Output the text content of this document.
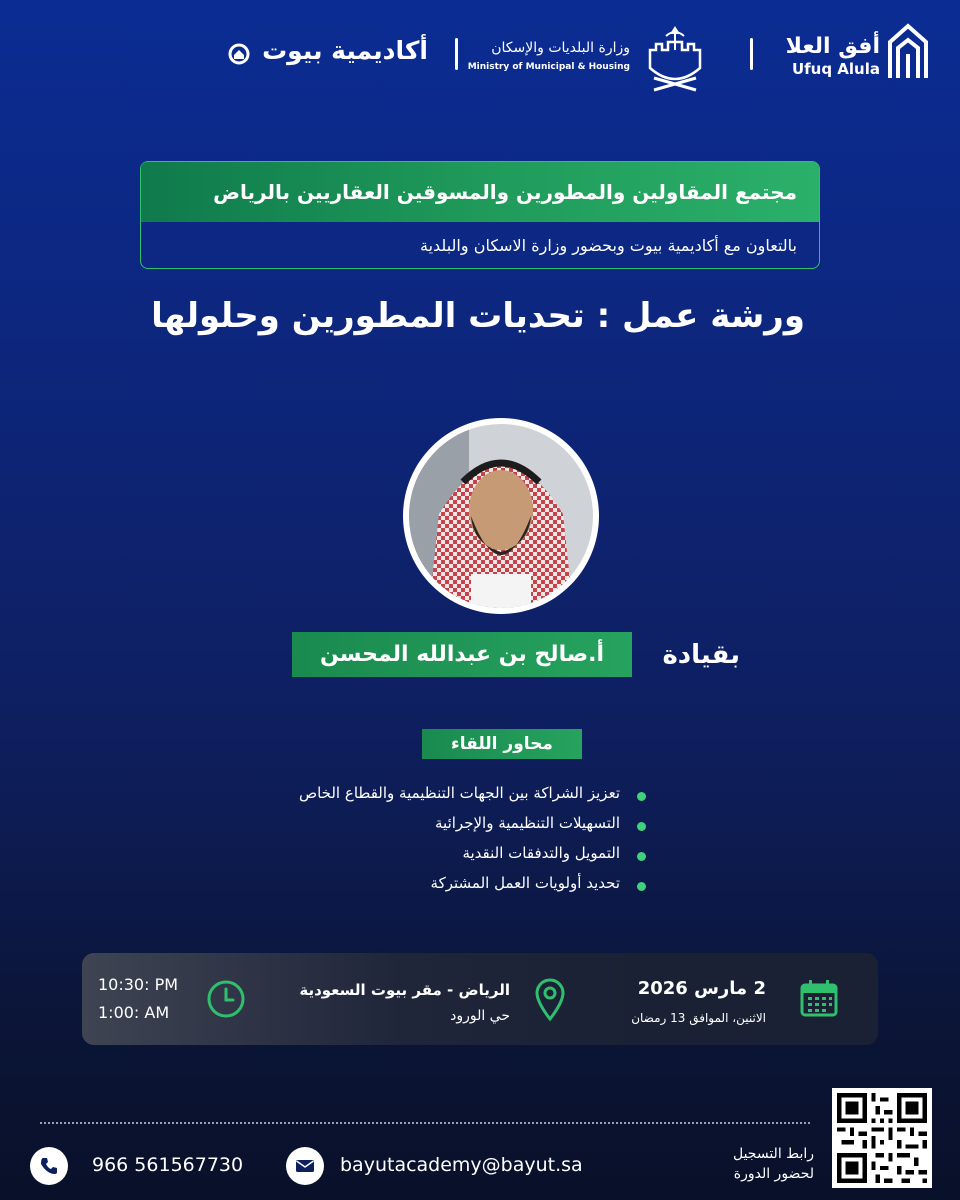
أكاديمية بيوت	وزارة البلديات والإسكان
Ministry of Municipal & Housing
أفق العلا
Ufuq Alula
مجتمع المقاولين والمطورين والمسوقين العقاريين بالرياض
بالتعاون مع أكاديمية بيوت وبحضور وزارة الاسكان والبلدية
ورشة عمل : تحديات المطورين وحلولها
أ.صالح بن عبدالله المحسن	بقيادة
محاور اللقاء
تعزيز الشراكة بين الجهات التنظيمية والقطاع الخاص
التسهيلات التنظيمية والإجرائية
التمويل والتدفقات النقدية
تحديد أولويات العمل المشتركة
10:30: PM
1:00: AM
الرياض - مقر بيوت السعودية
حي الورود
2 مارس 2026
الاثنين، الموافق 13 رمضان
966 561567730	bayutacademy@bayut.sa	رابط التسجيل
لحضور الدورة
